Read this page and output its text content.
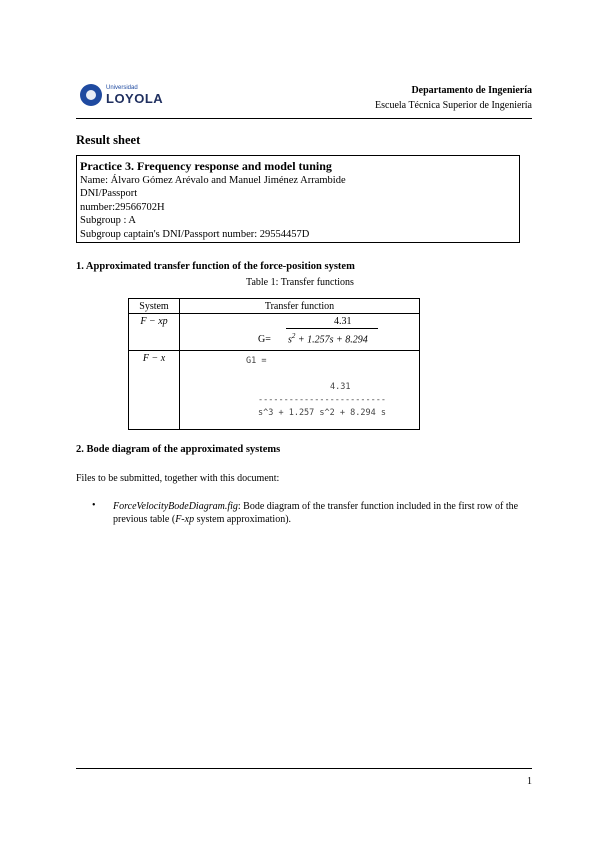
Universidad
LOYOLA
Departamento de Ingeniería
Escuela Técnica Superior de Ingeniería
Result sheet
Practice 3. Frequency response and model tuning
Name: Álvaro Gómez Arévalo and Manuel Jiménez Arrambide
DNI/Passport
number:29566702H
Subgroup : A
Subgroup captain's DNI/Passport number: 29554457D
1. Approximated transfer function of the force-position system
Table 1: Transfer functions
System	Transfer function
F − xp	G=
4.31
$s^2 + 1.257s + 8.294$

F − x	G1 =
4.31
-------------------------
s^3 + 1.257 s^2 + 8.294 s
2. Bode diagram of the approximated systems
Files to be submitted, together with this document:
• ForceVelocityBodeDiagram.fig: Bode diagram of the transfer function included in the first row of the previous table (F-xp system approximation).
1
